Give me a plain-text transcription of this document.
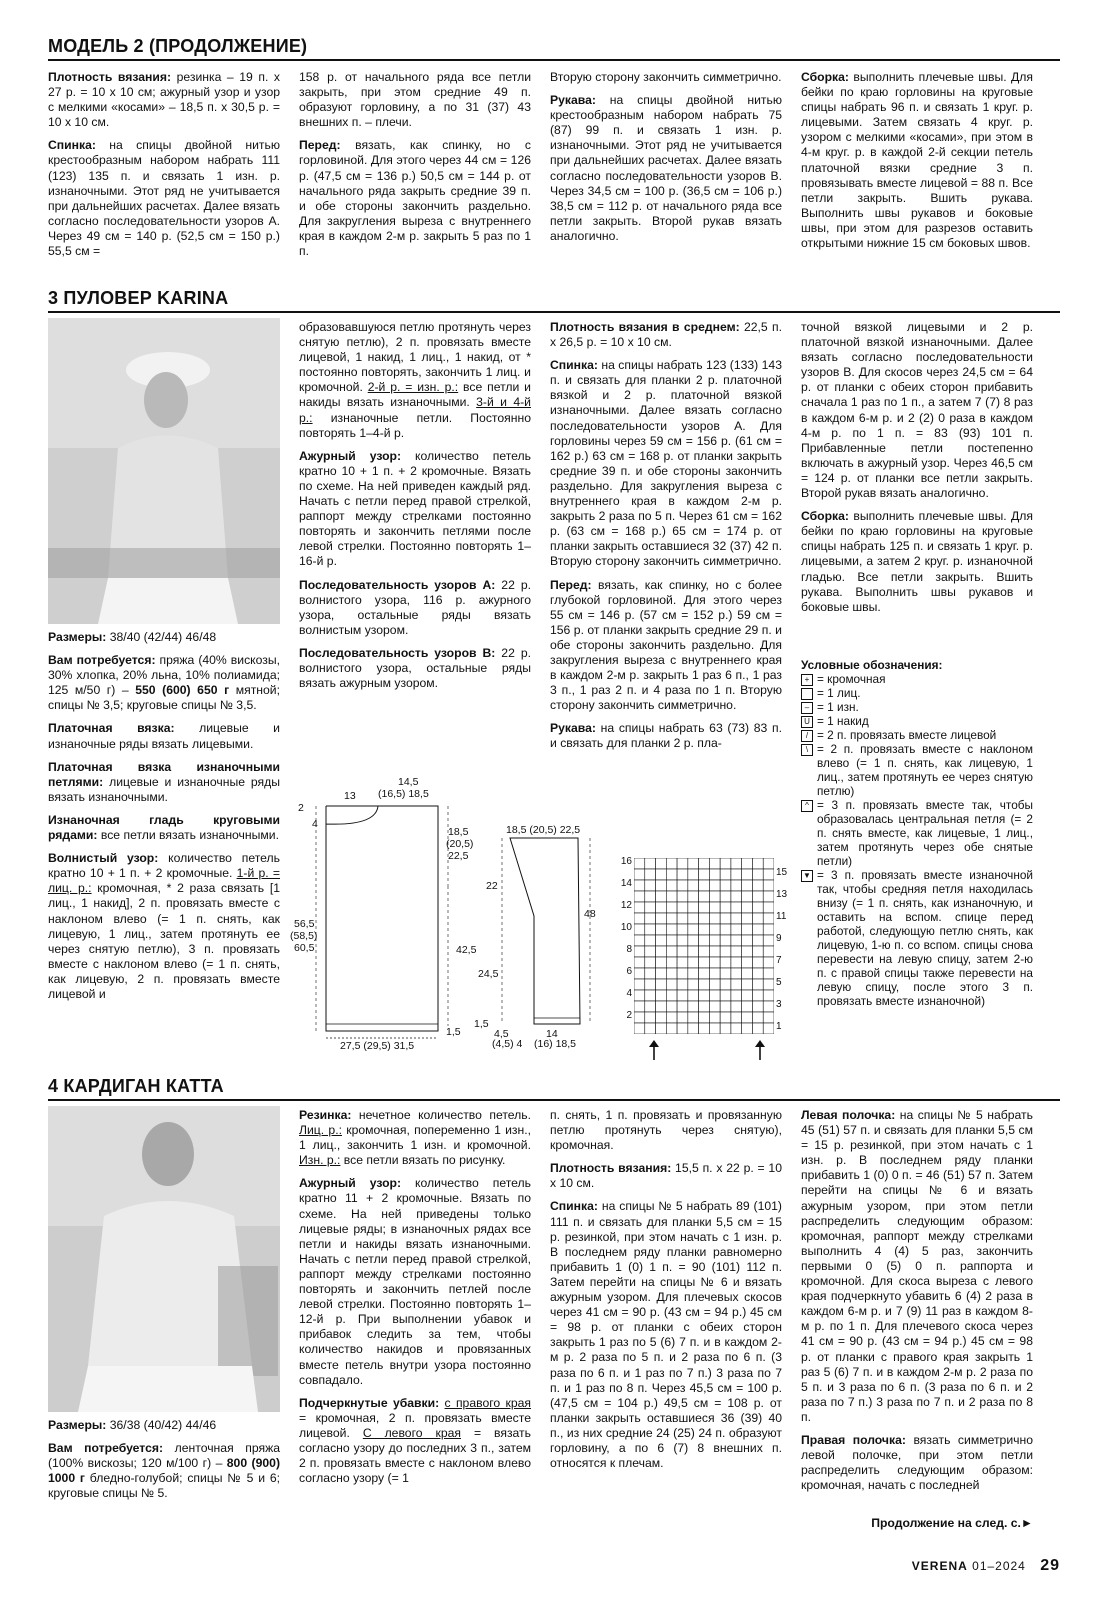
МОДЕЛЬ 2 (ПРОДОЛЖЕНИЕ)

Плотность вязания: резинка – 19 п. х 27 р. = 10 х 10 см; ажурный узор и узор с мелкими «косами» – 18,5 п. х 30,5 р. = 10 х 10 см.

Спинка: на спицы двойной нитью крестообразным набором набрать 111 (123) 135 п. и связать 1 изн. р. изнаночными. Этот ряд не учитывается при дальнейших расчетах. Далее вязать согласно последовательности узоров А. Через 49 см = 140 р. (52,5 см = 150 р.) 55,5 см =

158 р. от начального ряда все петли закрыть, при этом средние 49 п. образуют горловину, а по 31 (37) 43 внешних п. – плечи.

Перед: вязать, как спинку, но с горловиной. Для этого через 44 см = 126 р. (47,5 см = 136 р.) 50,5 см = 144 р. от начального ряда закрыть средние 39 п. и обе стороны закончить раздельно. Для закругления выреза с внутреннего края в каждом 2-м р. закрыть 5 раз по 1 п.

Вторую сторону закончить симметрично.

Рукава: на спицы двойной нитью крестообразным набором набрать 75 (87) 99 п. и связать 1 изн. р. изнаночными. Этот ряд не учитывается при дальнейших расчетах. Далее вязать согласно последовательности узоров В. Через 34,5 см = 100 р. (36,5 см = 106 р.) 38,5 см = 112 р. от начального ряда все петли закрыть. Второй рукав вязать аналогично.

Сборка: выполнить плечевые швы. Для бейки по краю горловины на круговые спицы набрать 96 п. и связать 1 круг. р. лицевыми. Затем связать 4 круг. р. узором с мелкими «косами», при этом в 4-м круг. р. в каждой 2-й секции петель платочной вязки средние 3 п. провязывать вместе лицевой = 88 п. Все петли закрыть. Вшить рукава. Выполнить швы рукавов и боковые швы, при этом для разрезов оставить открытыми нижние 15 см боковых швов.

3 ПУЛОВЕР KARINA

Размеры: 38/40 (42/44) 46/48

Вам потребуется: пряжа (40% вискозы, 30% хлопка, 20% льна, 10% полиамида; 125 м/50 г) – 550 (600) 650 г мятной; спицы № 3,5; круговые спицы № 3,5.

Платочная вязка: лицевые и изнаночные ряды вязать лицевыми.

Платочная вязка изнаночными петлями: лицевые и изнаночные ряды вязать изнаночными.

Изнаночная гладь круговыми рядами: все петли вязать изнаночными.

Волнистый узор: количество петель кратно 10 + 1 п. + 2 кромочные. 1-й р. = лиц. р.: кромочная, * 2 раза связать [1 лиц., 1 накид], 2 п. провязать вместе с наклоном влево (= 1 п. снять, как лицевую, 1 лиц., затем протянуть ее через снятую петлю), 3 п. провязать вместе с наклоном влево (= 1 п. снять, как лицевую, 2 п. провязать вместе лицевой и

образовавшуюся петлю протянуть через снятую петлю), 2 п. провязать вместе лицевой, 1 накид, 1 лиц., 1 накид, от * постоянно повторять, закончить 1 лиц. и кромочной. 2-й р. = изн. р.: все петли и накиды вязать изнаночными. 3-й и 4-й р.: изнаночные петли. Постоянно повторять 1–4-й р.

Ажурный узор: количество петель кратно 10 + 1 п. + 2 кромочные. Вязать по схеме. На ней приведен каждый ряд. Начать с петли перед правой стрелкой, раппорт между стрелками постоянно повторять и закончить петлями после левой стрелки. Постоянно повторять 1–16-й р.

Последовательность узоров А: 22 р. волнистого узора, 116 р. ажурного узора, остальные ряды вязать волнистым узором.

Последовательность узоров В: 22 р. волнистого узора, остальные ряды вязать ажурным узором.

Плотность вязания в среднем: 22,5 п. х 26,5 р. = 10 х 10 см.

Спинка: на спицы набрать 123 (133) 143 п. и связать для планки 2 р. платочной вязкой и 2 р. платочной вязкой изнаночными. Далее вязать согласно последовательности узоров А. Для горловины через 59 см = 156 р. (61 см = 162 р.) 63 см = 168 р. от планки закрыть средние 39 п. и обе стороны закончить раздельно. Для закругления выреза с внутреннего края в каждом 2-м р. закрыть 2 раза по 5 п. Через 61 см = 162 р. (63 см = 168 р.) 65 см = 174 р. от планки закрыть оставшиеся 32 (37) 42 п. Вторую сторону закончить симметрично.

Перед: вязать, как спинку, но с более глубокой горловиной. Для этого через 55 см = 146 р. (57 см = 152 р.) 59 см = 156 р. от планки закрыть средние 29 п. и обе стороны закончить раздельно. Для закругления выреза с внутреннего края в каждом 2-м р. закрыть 1 раз 6 п., 1 раз 3 п., 1 раз 2 п. и 4 раза по 1 п. Вторую сторону закончить симметрично.

Рукава: на спицы набрать 63 (73) 83 п. и связать для планки 2 р. пла-

точной вязкой лицевыми и 2 р. платочной вязкой изнаночными. Далее вязать согласно последовательности узоров В. Для скосов через 24,5 см = 64 р. от планки с обеих сторон прибавить сначала 1 раз по 1 п., а затем 7 (7) 8 раз в каждом 6-м р. и 2 (2) 0 раза в каждом 4-м р. по 1 п. = 83 (93) 101 п. Прибавленные петли постепенно включать в ажурный узор. Через 46,5 см = 124 р. от планки все петли закрыть. Второй рукав вязать аналогично.

Сборка: выполнить плечевые швы. Для бейки по краю горловины на круговые спицы набрать 125 п. и связать 1 круг. р. лицевыми, а затем 2 круг. р. изнаночной гладью. Все петли закрыть. Вшить рукава. Выполнить швы рукавов и боковые швы.

Условные обозначения:
+ = кромочная
= 1 лиц.
– = 1 изн.
U = 1 накид
/ = 2 п. провязать вместе лицевой
\ = 2 п. провязать вместе с наклоном влево (= 1 п. снять, как лицевую, 1 лиц., затем протянуть ее через снятую петлю)
^ = 3 п. провязать вместе так, чтобы образовалась центральная петля (= 2 п. снять вместе, как лицевые, 1 лиц., затем протянуть через обе снятые петли)
▼ = 3 п. провязать вместе изнаночной так, чтобы средняя петля находилась внизу (= 1 п. снять, как изнаночную, и оставить на вспом. спице перед работой, следующую петлю снять, как лицевую, 1-ю п. со вспом. спицы снова перевести на левую спицу, затем 2-ю п. с правой спицы также перевести на левую спицу, после этого 3 п. провязать вместе изнаночной)
14,5
13 (16,5) 18,5
2
4
18,5
(20,5)
22,5
42,5
1,5
56,5
(58,5)
60,5
27,5 (29,5) 31,5
18,5 (20,5) 22,5
22
24,5
1,5
48
4,5
(4,5) 4
14
(16) 18,5
16
14
12
10
8
6
4
2
15
13
11
9
7
5
3
1
4 КАРДИГАН КАТТА

Размеры: 36/38 (40/42) 44/46

Вам потребуется: ленточная пряжа (100% вискозы; 120 м/100 г) – 800 (900) 1000 г бледно-голубой; спицы № 5 и 6; круговые спицы № 5.

Резинка: нечетное количество петель. Лиц. р.: кромочная, попеременно 1 изн., 1 лиц., закончить 1 изн. и кромочной. Изн. р.: все петли вязать по рисунку.

Ажурный узор: количество петель кратно 11 + 2 кромочные. Вязать по схеме. На ней приведены только лицевые ряды; в изнаночных рядах все петли и накиды вязать изнаночными. Начать с петли перед правой стрелкой, раппорт между стрелками постоянно повторять и закончить петлей после левой стрелки. Постоянно повторять 1–12-й р. При выполнении убавок и прибавок следить за тем, чтобы количество накидов и провязанных вместе петель внутри узора постоянно совпадало.

Подчеркнутые убавки: с правого края = кромочная, 2 п. провязать вместе лицевой. С левого края = вязать согласно узору до последних 3 п., затем 2 п. провязать вместе с наклоном влево согласно узору (= 1

п. снять, 1 п. провязать и провязанную петлю протянуть через снятую), кромочная.

Плотность вязания: 15,5 п. х 22 р. = 10 х 10 см.

Спинка: на спицы № 5 набрать 89 (101) 111 п. и связать для планки 5,5 см = 15 р. резинкой, при этом начать с 1 изн. р. В последнем ряду планки равномерно прибавить 1 (0) 1 п. = 90 (101) 112 п. Затем перейти на спицы № 6 и вязать ажурным узором. Для плечевых скосов через 41 см = 90 р. (43 см = 94 р.) 45 см = 98 р. от планки с обеих сторон закрыть 1 раз по 5 (6) 7 п. и в каждом 2-м р. 2 раза по 5 п. и 2 раза по 6 п. (3 раза по 6 п. и 1 раз по 7 п.) 3 раза по 7 п. и 1 раз по 8 п. Через 45,5 см = 100 р. (47,5 см = 104 р.) 49,5 см = 108 р. от планки закрыть оставшиеся 36 (39) 40 п., из них средние 24 (25) 24 п. образуют горловину, а по 6 (7) 8 внешних п. относятся к плечам.

Левая полочка: на спицы № 5 набрать 45 (51) 57 п. и связать для планки 5,5 см = 15 р. резинкой, при этом начать с 1 изн. р. В последнем ряду планки прибавить 1 (0) 0 п. = 46 (51) 57 п. Затем перейти на спицы № 6 и вязать ажурным узором, при этом петли распределить следующим образом: кромочная, раппорт между стрелками выполнить 4 (4) 5 раз, закончить первыми 0 (5) 0 п. раппорта и кромочной. Для скоса выреза с левого края подчеркнуто убавить 6 (4) 2 раза в каждом 6-м р. и 7 (9) 11 раз в каждом 8-м р. по 1 п. Для плечевого скоса через 41 см = 90 р. (43 см = 94 р.) 45 см = 98 р. от планки с правого края закрыть 1 раз 5 (6) 7 п. и в каждом 2-м р. 2 раза по 5 п. и 3 раза по 6 п. (3 раза по 6 п. и 2 раза по 7 п.) 3 раза по 7 п. и 2 раза по 8 п.

Правая полочка: вязать симметрично левой полочке, при этом петли распределить следующим образом: кромочная, начать с последней

Продолжение на след. с.►
VERENA 01–2024 29
